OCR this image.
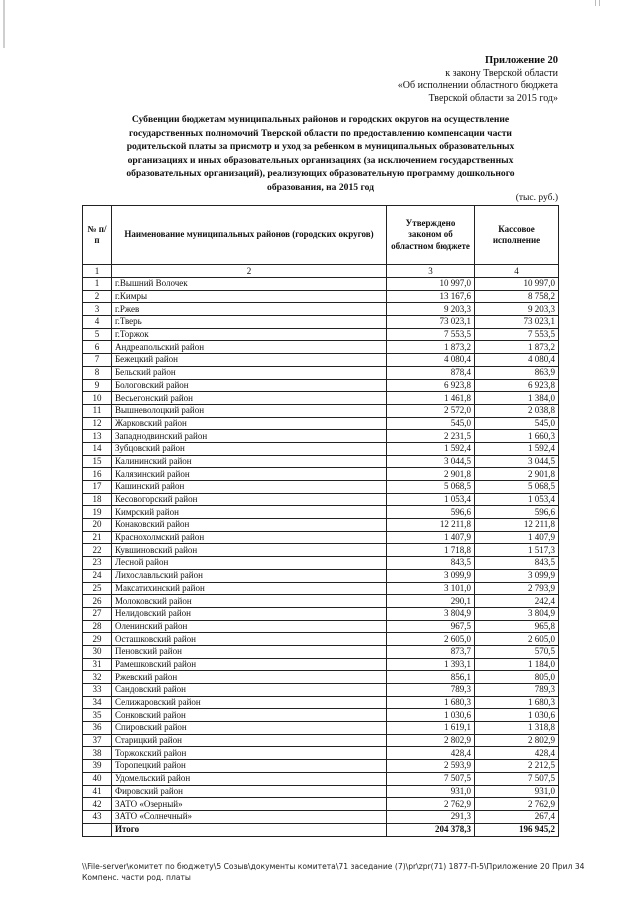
Приложение 20
к закону Тверской области
«Об исполнении областного бюджета
Тверской области за 2015 год»
Субвенции бюджетам муниципальных районов и городских округов на осуществление государственных полномочий Тверской области по предоставлению компенсации части родительской платы за присмотр и уход за ребенком в муниципальных образовательных организациях и иных образовательных организациях (за исключением государственных образовательных организаций), реализующих образовательную программу дошкольного образования, на 2015 год
(тыс. руб.)
№ п/п	Наименование муниципальных районов (городских округов)	Утверждено законом об областном бюджете	Кассовое исполнение
1	2	3	4
1	г.Вышний Волочек	10 997,0	10 997,0
2	г.Кимры	13 167,6	8 758,2
3	г.Ржев	9 203,3	9 203,3
4	г.Тверь	73 023,1	73 023,1
5	г.Торжок	7 553,5	7 553,5
6	Андреапольский район	1 873,2	1 873,2
7	Бежецкий район	4 080,4	4 080,4
8	Бельский район	878,4	863,9
9	Бологовский район	6 923,8	6 923,8
10	Весьегонский район	1 461,8	1 384,0
11	Вышневолоцкий район	2 572,0	2 038,8
12	Жарковский район	545,0	545,0
13	Западнодвинский район	2 231,5	1 660,3
14	Зубцовский район	1 592,4	1 592,4
15	Калининский район	3 044,5	3 044,5
16	Калязинский район	2 901,8	2 901,8
17	Кашинский район	5 068,5	5 068,5
18	Кесовогорский район	1 053,4	1 053,4
19	Кимрский район	596,6	596,6
20	Конаковский район	12 211,8	12 211,8
21	Краснохолмский район	1 407,9	1 407,9
22	Кувшиновский район	1 718,8	1 517,3
23	Лесной район	843,5	843,5
24	Лихославльский район	3 099,9	3 099,9
25	Максатихинский район	3 101,0	2 793,9
26	Молоковский район	290,1	242,4
27	Нелидовский район	3 804,9	3 804,9
28	Оленинский район	967,5	965,8
29	Осташковский район	2 605,0	2 605,0
30	Пеновский район	873,7	570,5
31	Рамешковский район	1 393,1	1 184,0
32	Ржевский район	856,1	805,0
33	Сандовский район	789,3	789,3
34	Селижаровский район	1 680,3	1 680,3
35	Сонковский район	1 030,6	1 030,6
36	Спировский район	1 619,1	1 318,8
37	Старицкий район	2 802,9	2 802,9
38	Торжокский район	428,4	428,4
39	Торопецкий район	2 593,9	2 212,5
40	Удомельский район	7 507,5	7 507,5
41	Фировский район	931,0	931,0
42	ЗАТО «Озерный»	2 762,9	2 762,9
43	ЗАТО «Солнечный»	291,3	267,4
	Итого	204 378,3	196 945,2
\\File-server\комитет по бюджету\5 Созыв\документы комитета\71 заседание (7)\pr\zpr(71) 1877-П-5\Приложение 20 Прил 34
Компенс. части род. платы
